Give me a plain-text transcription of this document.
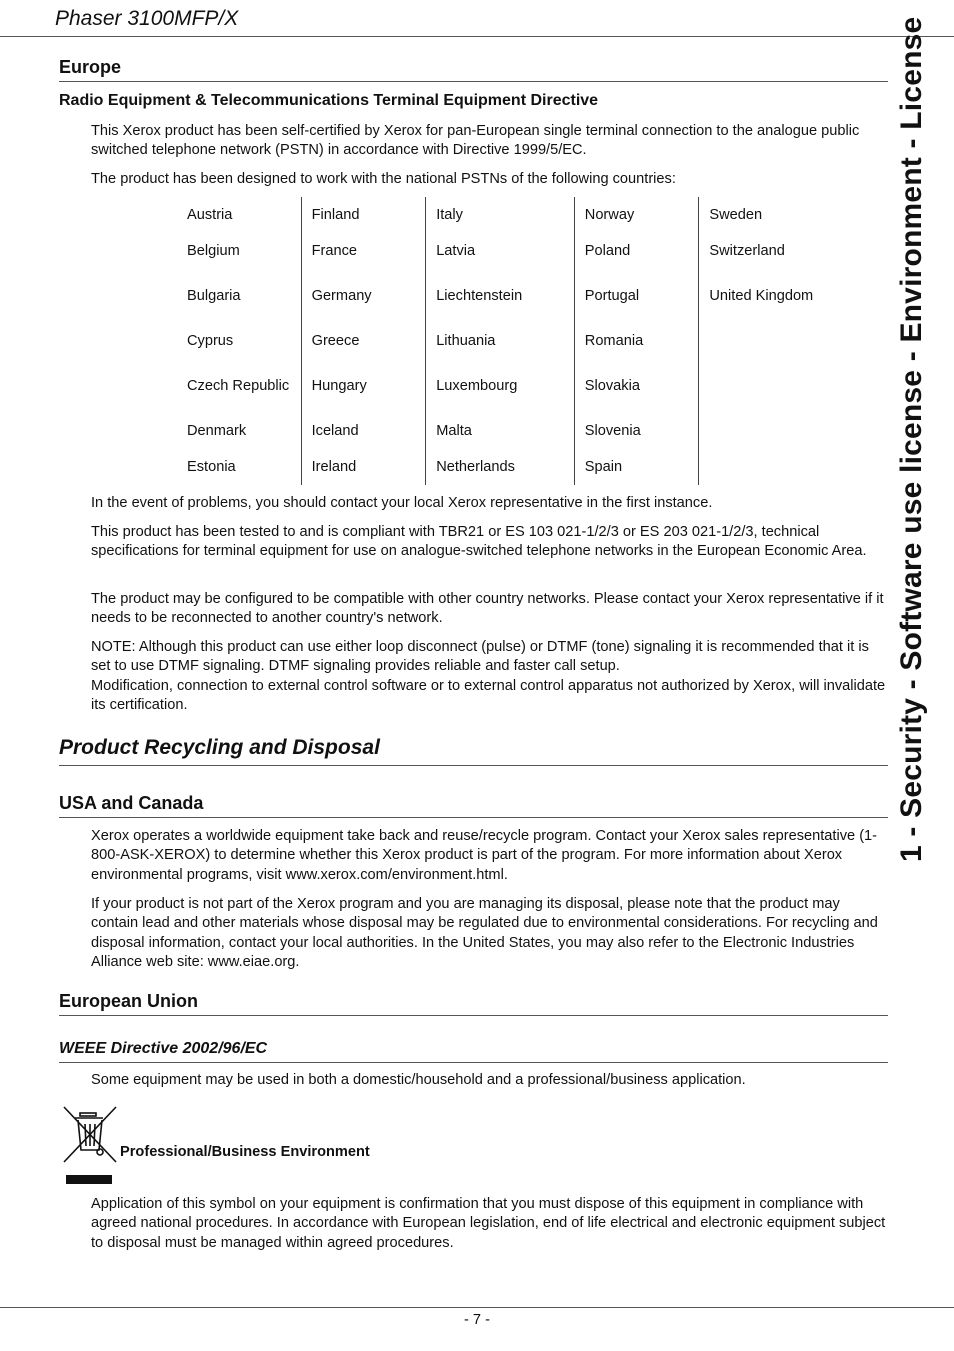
Phaser 3100MFP/X	1 - Security - Software use license - Environment - License
Europe
Radio Equipment & Telecommunications Terminal Equipment Directive
This Xerox product has been self-certified by Xerox for pan-European single terminal connection to the analogue public switched telephone network (PSTN) in accordance with Directive 1999/5/EC.
The product has been designed to work with the national PSTNs of the following countries:
Austria	Finland	Italy	Norway	Sweden
Belgium	France	Latvia	Poland	Switzerland
Bulgaria	Germany	Liechtenstein	Portugal	United Kingdom
Cyprus	Greece	Lithuania	Romania	
Czech Republic	Hungary	Luxembourg	Slovakia	
Denmark	Iceland	Malta	Slovenia	
Estonia	Ireland	Netherlands	Spain	
In the event of problems, you should contact your local Xerox representative in the first instance.
This product has been tested to and is compliant with TBR21 or ES 103 021-1/2/3 or ES 203 021-1/2/3, technical specifications for terminal equipment for use on analogue-switched telephone networks in the European Economic Area.
The product may be configured to be compatible with other country networks. Please contact your Xerox representative if it needs to be reconnected to another country's network.
NOTE: Although this product can use either loop disconnect (pulse) or DTMF (tone) signaling it is recommended that it is set to use DTMF signaling. DTMF signaling provides reliable and faster call setup.
Modification, connection to external control software or to external control apparatus not authorized by Xerox, will invalidate its certification.
Product Recycling and Disposal
USA and Canada
Xerox operates a worldwide equipment take back and reuse/recycle program. Contact your Xerox sales representative (1-800-ASK-XEROX) to determine whether this Xerox product is part of the program. For more information about Xerox environmental programs, visit www.xerox.com/environment.html.
If your product is not part of the Xerox program and you are managing its disposal, please note that the product may contain lead and other materials whose disposal may be regulated due to environmental considerations. For recycling and disposal information, contact your local authorities. In the United States, you may also refer to the Electronic Industries Alliance web site: www.eiae.org.
European Union
WEEE Directive 2002/96/EC
Some equipment may be used in both a domestic/household and a professional/business application.
Professional/Business Environment
Application of this symbol on your equipment is confirmation that you must dispose of this equipment in compliance with agreed national procedures. In accordance with European legislation, end of life electrical and electronic equipment subject to disposal must be managed within agreed procedures.
- 7 -
